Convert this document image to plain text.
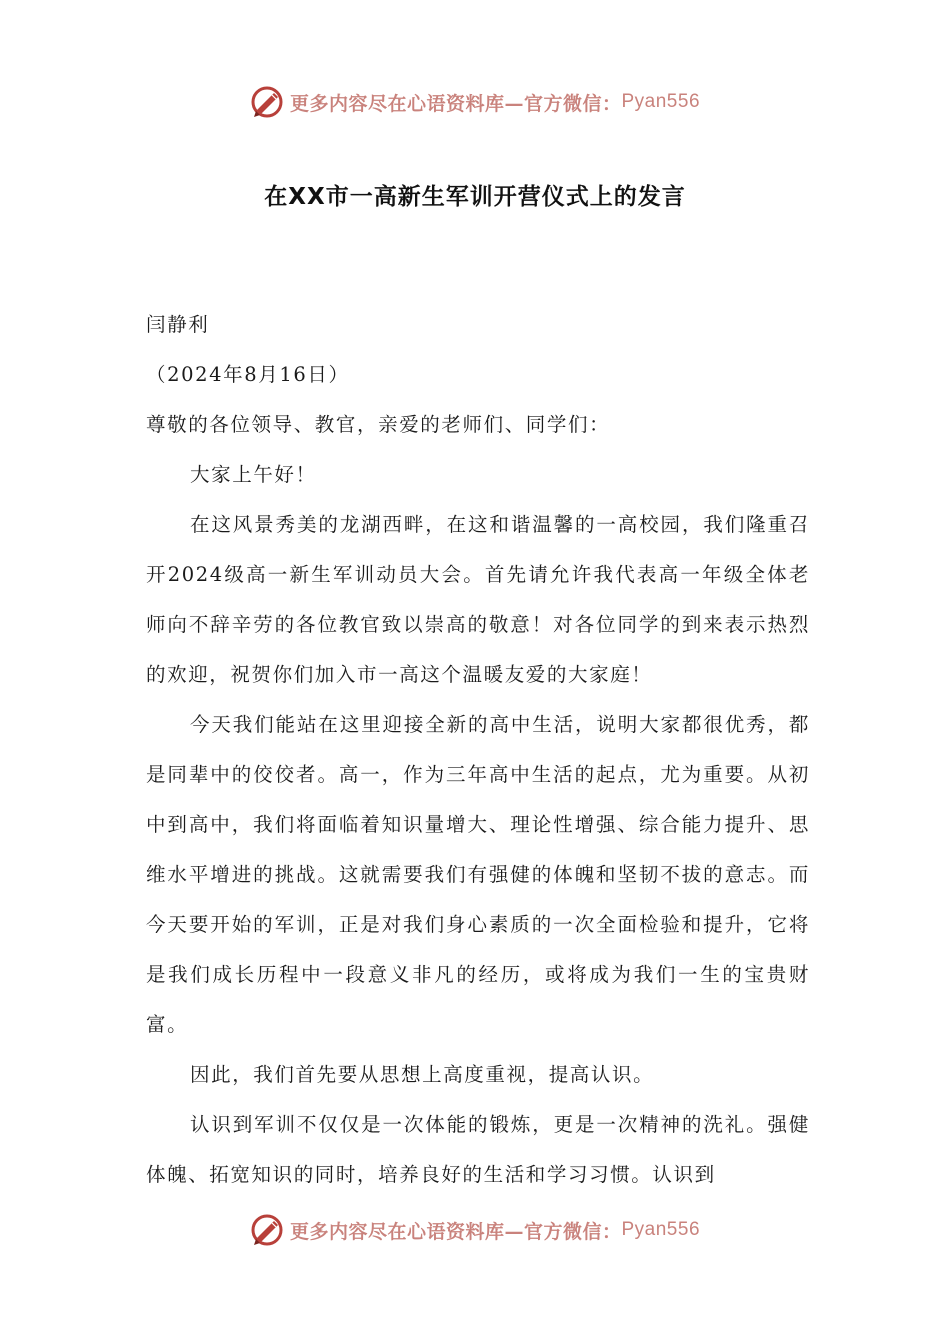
更多内容尽在心语资料库—官方微信： Pyan556
在XX市一高新生军训开营仪式上的发言

闫静利

（2024年8月16日）

尊敬的各位领导、教官，亲爱的老师们、同学们：

大家上午好！

在这风景秀美的龙湖西畔，在这和谐温馨的一高校园，我们隆重召开2024级高一新生军训动员大会。首先请允许我代表高一年级全体老师向不辞辛劳的各位教官致以崇高的敬意！对各位同学的到来表示热烈的欢迎，祝贺你们加入市一高这个温暖友爱的大家庭！

今天我们能站在这里迎接全新的高中生活，说明大家都很优秀，都是同辈中的佼佼者。高一，作为三年高中生活的起点，尤为重要。从初中到高中，我们将面临着知识量增大、理论性增强、综合能力提升、思维水平增进的挑战。这就需要我们有强健的体魄和坚韧不拔的意志。而今天要开始的军训，正是对我们身心素质的一次全面检验和提升，它将是我们成长历程中一段意义非凡的经历，或将成为我们一生的宝贵财富。

因此，我们首先要从思想上高度重视，提高认识。

认识到军训不仅仅是一次体能的锻炼，更是一次精神的洗礼。强健体魄、拓宽知识的同时，培养良好的生活和学习习惯。认识到

更多内容尽在心语资料库—官方微信： Pyan556
